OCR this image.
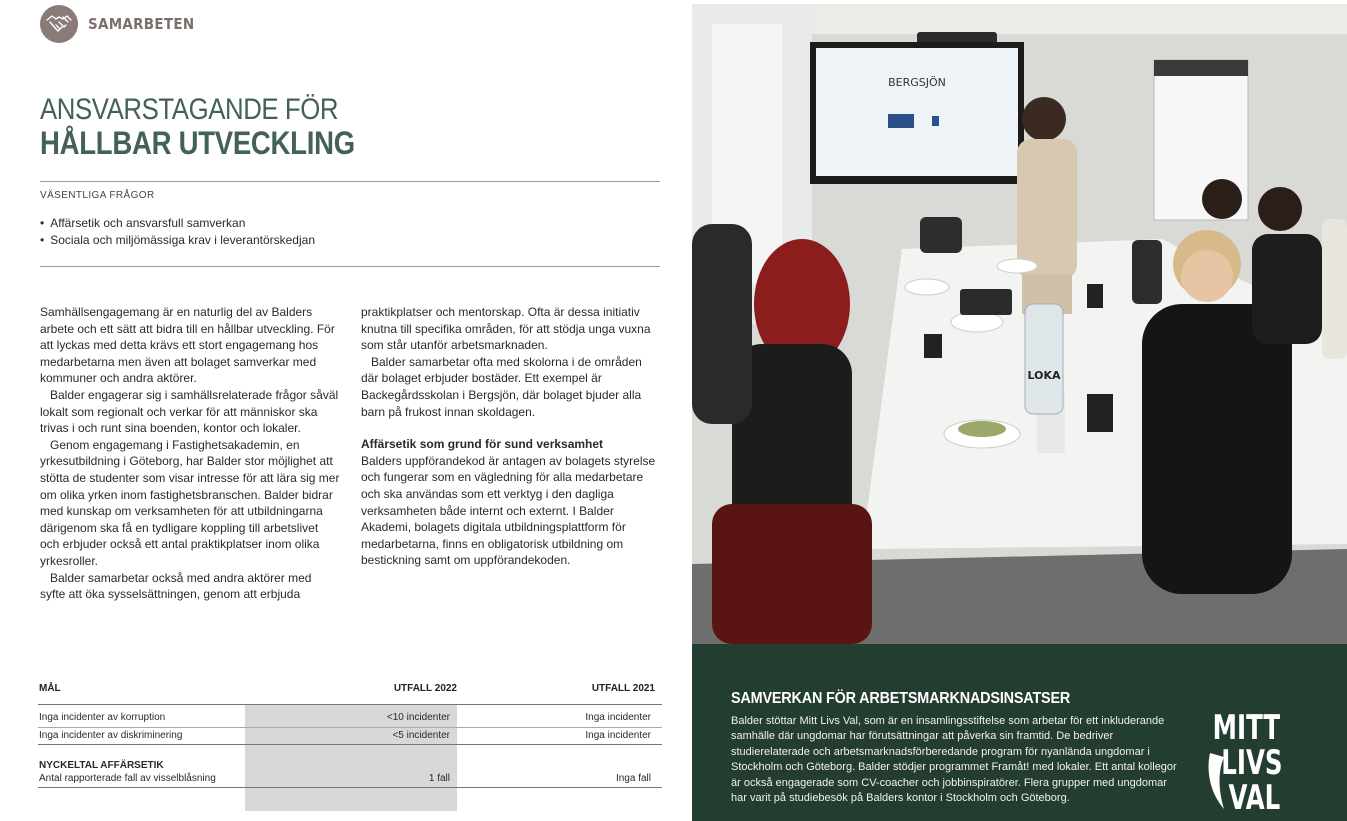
SAMARBETEN
ANSVARSTAGANDE FÖR
HÅLLBAR UTVECKLING
VÄSENTLIGA FRÅGOR
• Affärsetik och ansvarsfull samverkan
• Sociala och miljömässiga krav i leverantörskedjan

Samhällsengagemang är en naturlig del av Balders arbete och ett sätt att bidra till en hållbar utveckling. För att lyckas med detta krävs ett stort engagemang hos medarbetarna men även att bolaget samverkar med kommuner och andra aktörer.

Balder engagerar sig i samhällsrelaterade frågor såväl lokalt som regionalt och verkar för att människor ska trivas i och runt sina boenden, kontor och lokaler.

Genom engagemang i Fastighetsakademin, en yrkesutbildning i Göteborg, har Balder stor möjlighet att stötta de studenter som visar intresse för att lära sig mer om olika yrken inom fastighetsbranschen. Balder bidrar med kunskap om verksamheten för att utbildningarna därigenom ska få en tydligare koppling till arbetslivet och erbjuder också ett antal praktikplatser inom olika yrkesroller.

Balder samarbetar också med andra aktörer med syfte att öka sysselsättningen, genom att erbjuda

praktikplatser och mentorskap. Ofta är dessa initiativ knutna till specifika områden, för att stödja unga vuxna som står utanför arbetsmarknaden.

Balder samarbetar ofta med skolorna i de områden där bolaget erbjuder bostäder. Ett exempel är Backegårdsskolan i Bergsjön, där bolaget bjuder alla barn på frukost innan skoldagen.

Affärsetik som grund för sund verksamhet

Balders uppförandekod är antagen av bolagets styrelse och fungerar som en vägledning för alla medarbetare och ska användas som ett verktyg i den dagliga verksamheten både internt och externt. I Balder Akademi, bolagets digitala utbildningsplattform för medarbetarna, finns en obligatorisk utbildning om bestickning samt om uppförandekoden.

MÅL	UTFALL 2022	UTFALL 2021
Inga incidenter av korruption	<10 incidenter	Inga incidenter
Inga incidenter av diskriminering	<5 incidenter	Inga incidenter
NYCKELTAL AFFÄRSETIK
Antal rapporterade fall av visselblåsning	1 fall	Inga fall
BERGSJÖN
LOKA
SAMVERKAN FÖR ARBETSMARKNADSINSATSER
Balder stöttar Mitt Livs Val, som är en insamlingsstiftelse som arbetar för ett inkluderande samhälle där ungdomar har förutsättningar att påverka sin framtid. De bedriver studierelaterade och arbetsmarknadsförberedande program för nyanlända ungdomar i Stockholm och Göteborg. Balder stödjer programmet Framåt! med lokaler. Ett antal kollegor är också engagerade som CV-coacher och jobbinspiratörer. Flera grupper med ungdomar har varit på studiebesök på Balders kontor i Stockholm och Göteborg.
MITT
LIVS
VAL
